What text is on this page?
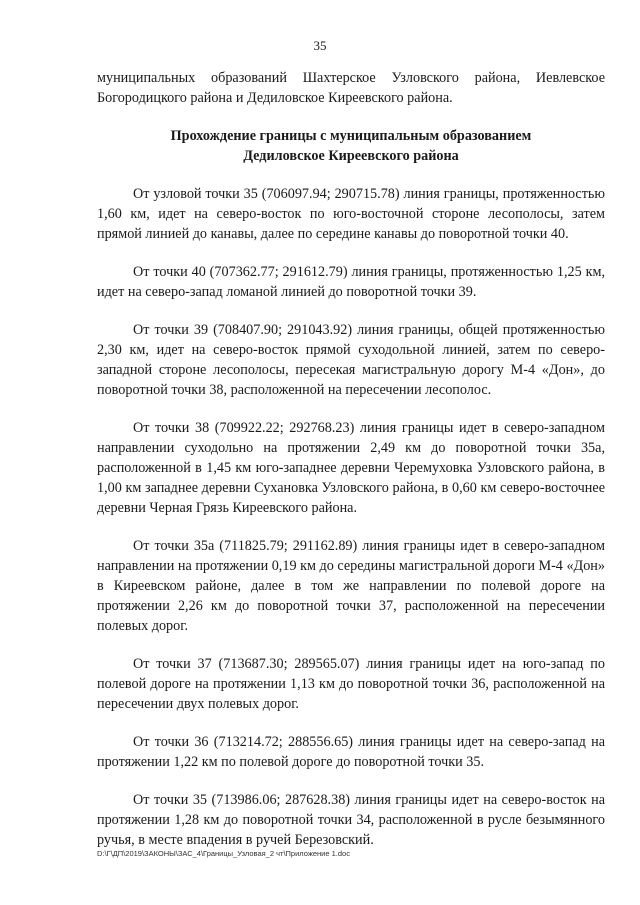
35

муниципальных образований Шахтерское Узловского района, Иевлевское Богородицкого района и Дедиловское Киреевского района.

Прохождение границы с муниципальным образованием
Дедиловское Киреевского района

От узловой точки 35 (706097.94; 290715.78) линия границы, протяженностью 1,60 км, идет на северо-восток по юго-восточной стороне лесополосы, затем прямой линией до канавы, далее по середине канавы до поворотной точки 40.

От точки 40 (707362.77; 291612.79) линия границы, протяженностью 1,25 км, идет на северо-запад ломаной линией до поворотной точки 39.

От точки 39 (708407.90; 291043.92) линия границы, общей протяженностью 2,30 км, идет на северо-восток прямой суходольной линией, затем по северо-западной стороне лесополосы, пересекая магистральную дорогу М-4 «Дон», до поворотной точки 38, расположенной на пересечении лесополос.

От точки 38 (709922.22; 292768.23) линия границы идет в северо-западном направлении суходольно на протяжении 2,49 км до поворотной точки 35а, расположенной в 1,45 км юго-западнее деревни Черемуховка Узловского района, в 1,00 км западнее деревни Сухановка Узловского района, в 0,60 км северо-восточнее деревни Черная Грязь Киреевского района.

От точки 35а (711825.79; 291162.89) линия границы идет в северо-западном направлении на протяжении 0,19 км до середины магистральной дороги М-4 «Дон» в Киреевском районе, далее в том же направлении по полевой дороге на протяжении 2,26 км до поворотной точки 37, расположенной на пересечении полевых дорог.

От точки 37 (713687.30; 289565.07) линия границы идет на юго-запад по полевой дороге на протяжении 1,13 км до поворотной точки 36, расположенной на пересечении двух полевых дорог.

От точки 36 (713214.72; 288556.65) линия границы идет на северо-запад на протяжении 1,22 км по полевой дороге до поворотной точки 35.

От точки 35 (713986.06; 287628.38) линия границы идет на северо-восток на протяжении 1,28 км до поворотной точки 34, расположенной в русле безымянного ручья, в месте впадения в ручей Березовский.

D:\Г\ДП\2019\ЗАКОНЫ\ЗАС_4\Границы_Узловая_2 чт\Приложение 1.doc
